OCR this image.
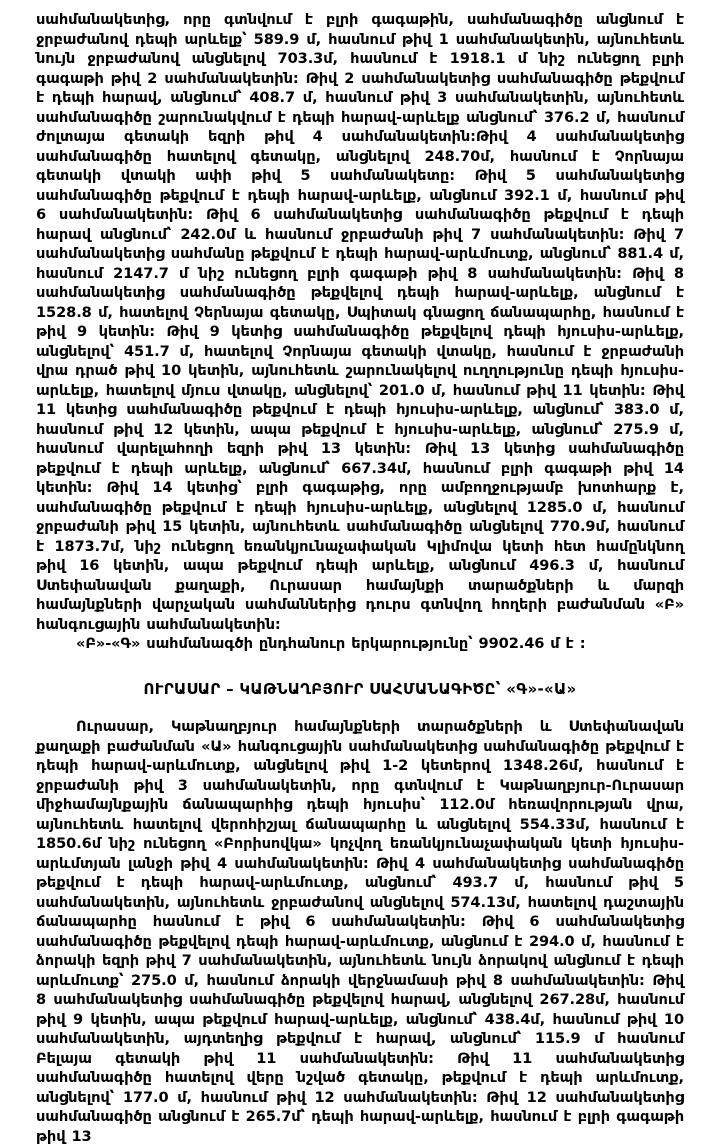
սահմանակետից, որը գտնվում է բլրի գագաթին, սահմանագիծը անցնում է ջրբաժանով դեպի արևելք՝ 589.9 մ, հասնում թիվ 1 սահմանակետին, այնուհետև նույն ջրբաժանով անցնելով 703.3մ, հասնում է 1918.1 մ նիշ ունեցող բլրի գագաթի թիվ 2 սահմանակետին: Թիվ 2 սահմանակետից սահմանագիծը թեքվում է դեպի հարավ, անցնում՝ 408.7 մ, հասնում թիվ 3 սահմանակետին, այնուհետև սահմանագիծը շարունակվում է դեպի հարավ-արևելք անցնում՝ 376.2 մ, հասնում ժոլտայա գետակի եզրի թիվ 4 սահմանակետին:Թիվ 4 սահմանակետից սահմանագիծը հատելով գետակը, անցնելով 248.70մ, հասնում է Չորնայա գետակի վտակի ափի թիվ 5 սահմանակետը: Թիվ 5 սահմանակետից սահմանագիծը թեքվում է դեպի հարավ-արևելք, անցնում 392.1 մ, հասնում թիվ 6 սահմանակետին: Թիվ 6 սահմանակետից սահմանագիծը թեքվում է դեպի հարավ անցնում՝ 242.0մ և հասնում ջրբաժանի թիվ 7 սահմանակետին: Թիվ 7 սահմանակետից սահմանը թեքվում է դեպի հարավ-արևմուտք, անցնում՝ 881.4 մ, հասնում 2147.7 մ նիշ ունեցող բլրի գագաթի թիվ 8 սահմանակետին: Թիվ 8 սահմանակետից սահմանագիծը թեքվելով դեպի հարավ-արևելք, անցնում է 1528.8 մ, հատելով Չերնայա գետակը, Սպիտակ գնացող ճանապարհը, հասնում է թիվ 9 կետին: Թիվ 9 կետից սահմանագիծը թեքվելով դեպի հյուսիս-արևելք, անցնելով՝ 451.7 մ, հատելով Չորնայա գետակի վտակը, հասնում է ջրբաժանի վրա դրած թիվ 10 կետին, այնուհետև շարունակելով ուղղությունը դեպի հյուսիս-արևելք, հատելով մյուս վտակը, անցնելով՝ 201.0 մ, հասնում թիվ 11 կետին: Թիվ 11 կետից սահմանագիծը թեքվում է դեպի հյուսիս-արևելք, անցնում՝ 383.0 մ, հասնում թիվ 12 կետին, ապա թեքվում է հյուսիս-արևելք, անցնում՝ 275.9 մ, հասնում վարելահողի եզրի թիվ 13 կետին: Թիվ 13 կետից սահմանագիծը թեքվում է դեպի արևելք, անցնում՝ 667.34մ, հասնում բլրի գագաթի թիվ 14 կետին: Թիվ 14 կետից՝ բլրի գագաթից, որը ամբողջությամբ խոտհարք է, սահմանագիծը թեքվում է դեպի հյուսիս-արևելք, անցնելով 1285.0 մ, հասնում ջրբաժանի թիվ 15 կետին, այնուհետև սահմանագիծը անցնելով 770.9մ, հասնում է 1873.7մ, նիշ ունեցող եռանկյունաչափական Կլիմովա կետի հետ համընկնող թիվ 16 կետին, ապա թեքվում դեպի արևելք, անցնում 496.3 մ, հասնում Ստեփանավան քաղաքի, Ուրասար համայնքի տարածքների և մարզի համայնքների վարչական սահմաններից դուրս գտնվող հողերի բաժանման «Բ» հանգուցային սահմանակետին:

«Բ»-«Գ» սահմանագծի ընդհանուր երկարությունը՝ 9902.46 մ է :

ՈՒՐԱՍԱՐ – ԿԱԹՆԱՂԲՅՈՒՐ ՍԱՀՄԱՆԱԳԻԾԸ՝ «Գ»-«Ա»

Ուրասար, Կաթնաղբյուր համայնքների տարածքների և Ստեփանավան քաղաքի բաժանման «Ա» հանգուցային սահմանակետից սահմանագիծը թեքվում է դեպի հարավ-արևմուտք, անցնելով թիվ 1-2 կետերով 1348.26մ, հասնում է ջրբաժանի թիվ 3 սահմանակետին, որը գտնվում է Կաթնաղբյուր-Ուրասար միջհամայնքային ճանապարհից դեպի հյուսիս՝ 112.0մ հեռավորության վրա, այնուհետև հատելով վերոհիշյալ ճանապարհը և անցնելով 554.33մ, հասնում է 1850.6մ նիշ ունեցող «Բորիսովկա» կոչվող եռանկյունաչափական կետի հյուսիս-արևմտյան լանջի թիվ 4 սահմանակետին: Թիվ 4 սահմանակետից սահմանագիծը թեքվում է դեպի հարավ-արևմուտք, անցնում՝ 493.7 մ, հասնում թիվ 5 սահմանակետին, այնուհետև ջրբաժանով անցնելով 574.13մ, հատելով դաշտային ճանապարհը հասնում է թիվ 6 սահմանակետին: Թիվ 6 սահմանակետից սահմանագիծը թեքվելով դեպի հարավ-արևմուտք, անցնում է 294.0 մ, հասնում է ձորակի եզրի թիվ 7 սահմանակետին, այնուհետև նույն ձորակով անցնում է դեպի արևմուտք՝ 275.0 մ, հասնում ձորակի վերջնամասի թիվ 8 սահմանակետին: Թիվ 8 սահմանակետից սահմանագիծը թեքվելով հարավ, անցնելով 267.28մ, հասնում թիվ 9 կետին, ապա թեքվում հարավ-արևելք, անցնում՝ 438.4մ, հասնում թիվ 10 սահմանակետին, այդտեղից թեքվում է հարավ, անցնում՝ 115.9 մ հասնում Բելայա գետակի թիվ 11 սահմանակետին: Թիվ 11 սահմանակետից սահմանագիծը հատելով վերը նշված գետակը, թեքվում է դեպի արևմուտք, անցնելով՝ 177.0 մ, հասնում թիվ 12 սահմանակետին: Թիվ 12 սահմանակետից սահմանագիծը անցնում է 265.7մ՝ դեպի հարավ-արևելք, հասնում է բլրի գագաթի թիվ 13
